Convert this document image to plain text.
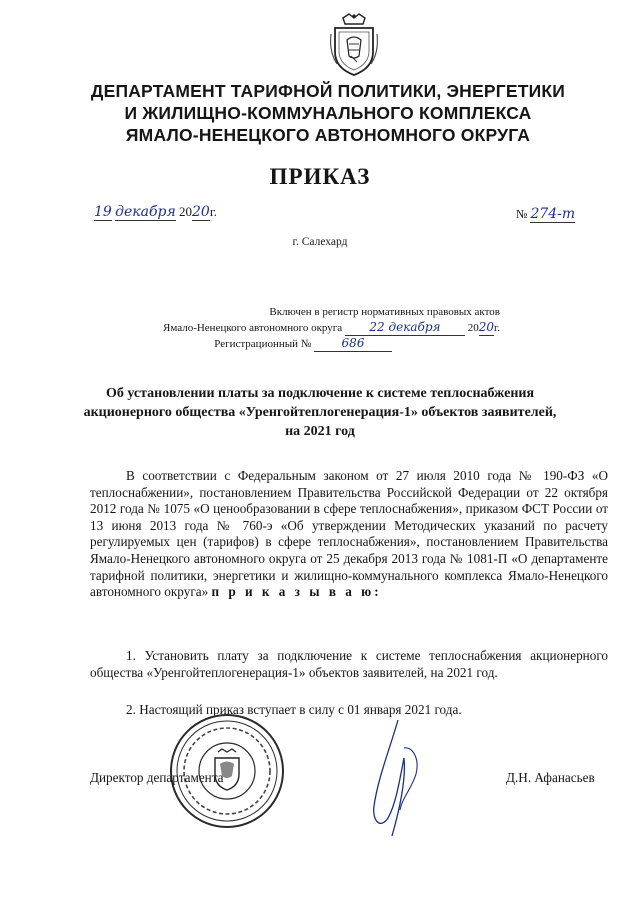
ДЕПАРТАМЕНТ ТАРИФНОЙ ПОЛИТИКИ, ЭНЕРГЕТИКИ
И ЖИЛИЩНО-КОММУНАЛЬНОГО КОМПЛЕКСА
ЯМАЛО-НЕНЕЦКОГО АВТОНОМНОГО ОКРУГА
ПРИКАЗ
19 декабря 2020г.	№ 274-т
г. Салехард
Включен в регистр нормативных правовых актов
Ямало-Ненецкого автономного округа 22 декабря 2020г.
Регистрационный №	686
Об установлении платы за подключение к системе теплоснабжения
акционерного общества «Уренгойтеплогенерация-1» объектов заявителей,
на 2021 год
В соответствии с Федеральным законом от 27 июля 2010 года № 190-ФЗ «О теплоснабжении», постановлением Правительства Российской Федерации от 22 октября 2012 года № 1075 «О ценообразовании в сфере теплоснабжения», приказом ФСТ России от 13 июня 2013 года № 760-э «Об утверждении Методических указаний по расчету регулируемых цен (тарифов) в сфере теплоснабжения», постановлением Правительства Ямало-Ненецкого автономного округа от 25 декабря 2013 года № 1081-П «О департаменте тарифной политики, энергетики и жилищно-коммунального комплекса Ямало-Ненецкого автономного округа» п р и к а з ы в а ю:
1. Установить плату за подключение к системе теплоснабжения акционерного общества «Уренгойтеплогенерация-1» объектов заявителей, на 2021 год.
2. Настоящий приказ вступает в силу с 01 января 2021 года.
Директор департамента	Д.Н. Афанасьев
